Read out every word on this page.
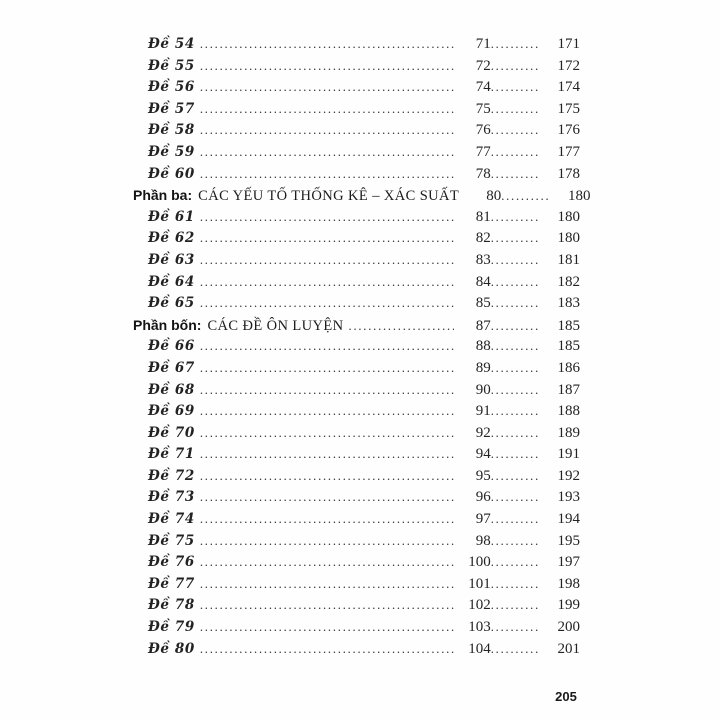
Đề 54 .....	71 .....	171
Đề 55 .....	72 .....	172
Đề 56 .....	74 .....	174
Đề 57 .....	75 .....	175
Đề 58 .....	76 .....	176
Đề 59 .....	77 .....	177
Đề 60 .....	78 .....	178
Phần ba: CÁC YẾU TỐ THỐNG KÊ – XÁC SUẤT	80 .....	180
Đề 61 .....	81 .....	180
Đề 62 .....	82 .....	180
Đề 63 .....	83 .....	181
Đề 64 .....	84 .....	182
Đề 65 .....	85 .....	183
Phần bốn: CÁC ĐỀ ÔN LUYỆN .....	87 .....	185
Đề 66 .....	88 .....	185
Đề 67 .....	89 .....	186
Đề 68 .....	90 .....	187
Đề 69 .....	91 .....	188
Đề 70 .....	92 .....	189
Đề 71 .....	94 .....	191
Đề 72 .....	95 .....	192
Đề 73 .....	96 .....	193
Đề 74 .....	97 .....	194
Đề 75 .....	98 .....	195
Đề 76 .....	100 .....	197
Đề 77 .....	101 .....	198
Đề 78 .....	102 .....	199
Đề 79 .....	103 .....	200
Đề 80 .....	104 .....	201
205
